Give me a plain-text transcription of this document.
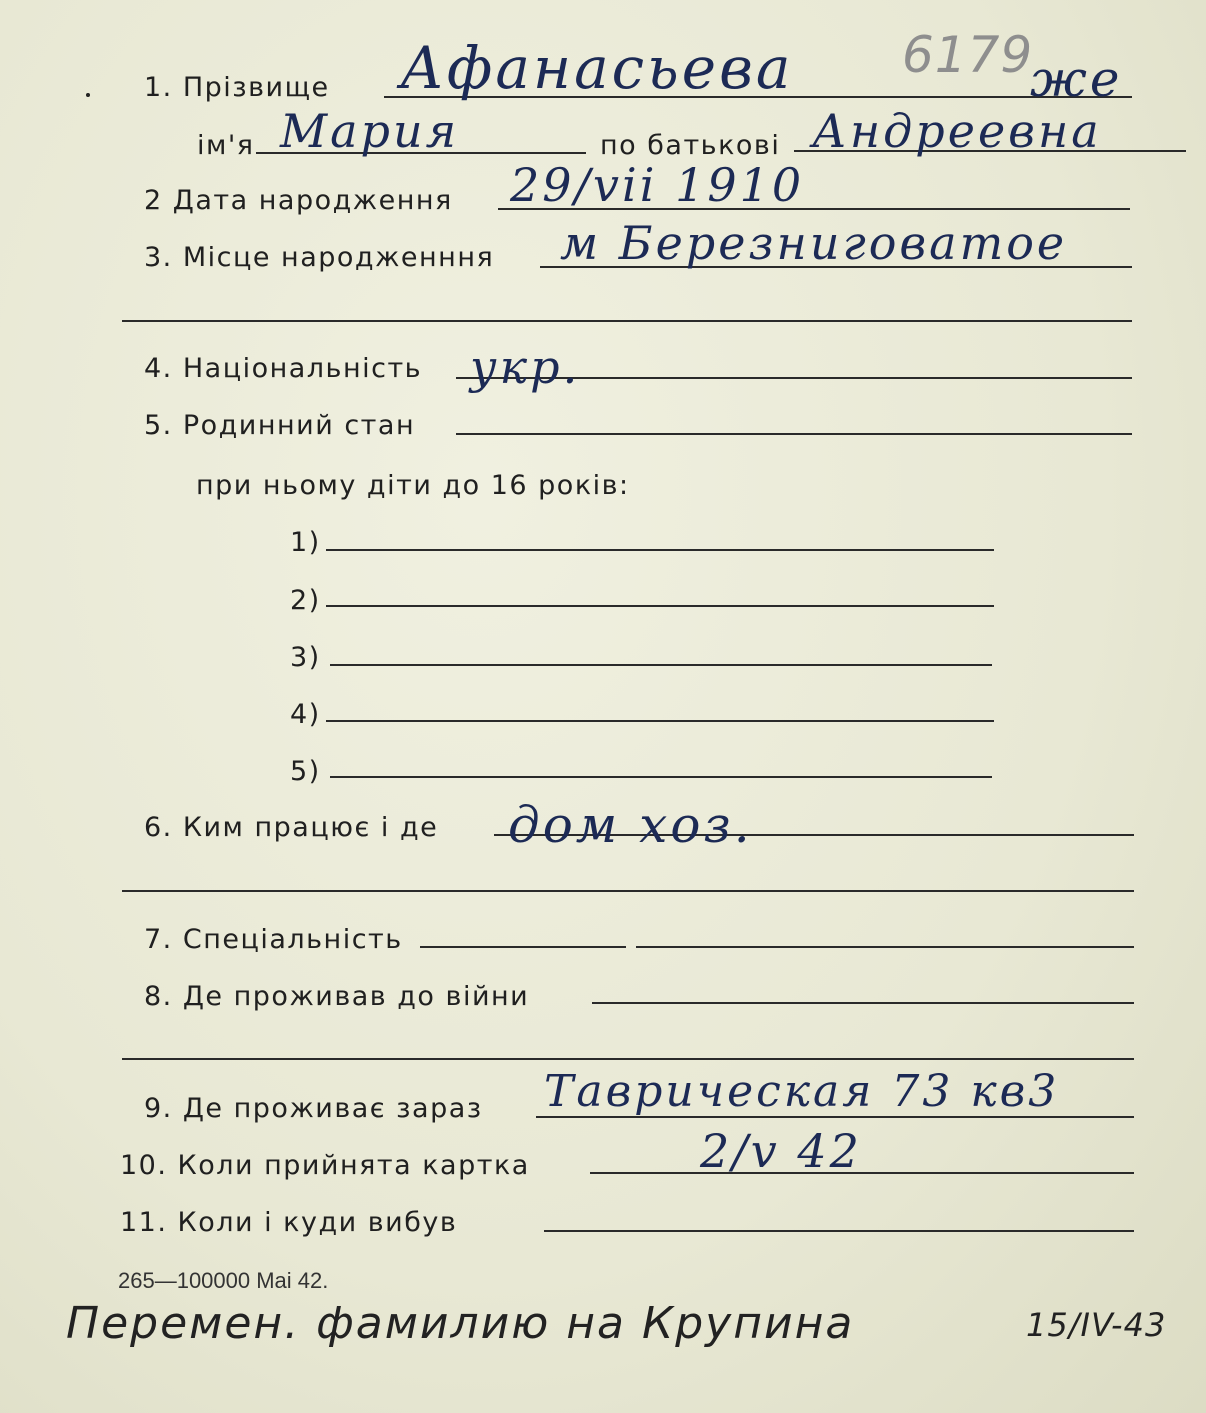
1. Прізвище Афанасьева 6179
же
ім'я Мария	по батькові Андреевна
2 Дата народження 29/vii 1910
3. Місце народженння м Березниговатое
4. Національність укр.
5. Родинний стан
при ньому діти до 16 років:
1)
2)
3)
4)
5)
6. Ким працює і де дом хоз.
7. Спеціальність
8. Де проживав до війни
9. Де проживає зараз Таврическая 73 кв3
10. Коли прийнята картка	2/v 42
11. Коли і куди вибув
265—100000 Mai 42.
Перемен. фамилию на Крупина	15/IV-43
